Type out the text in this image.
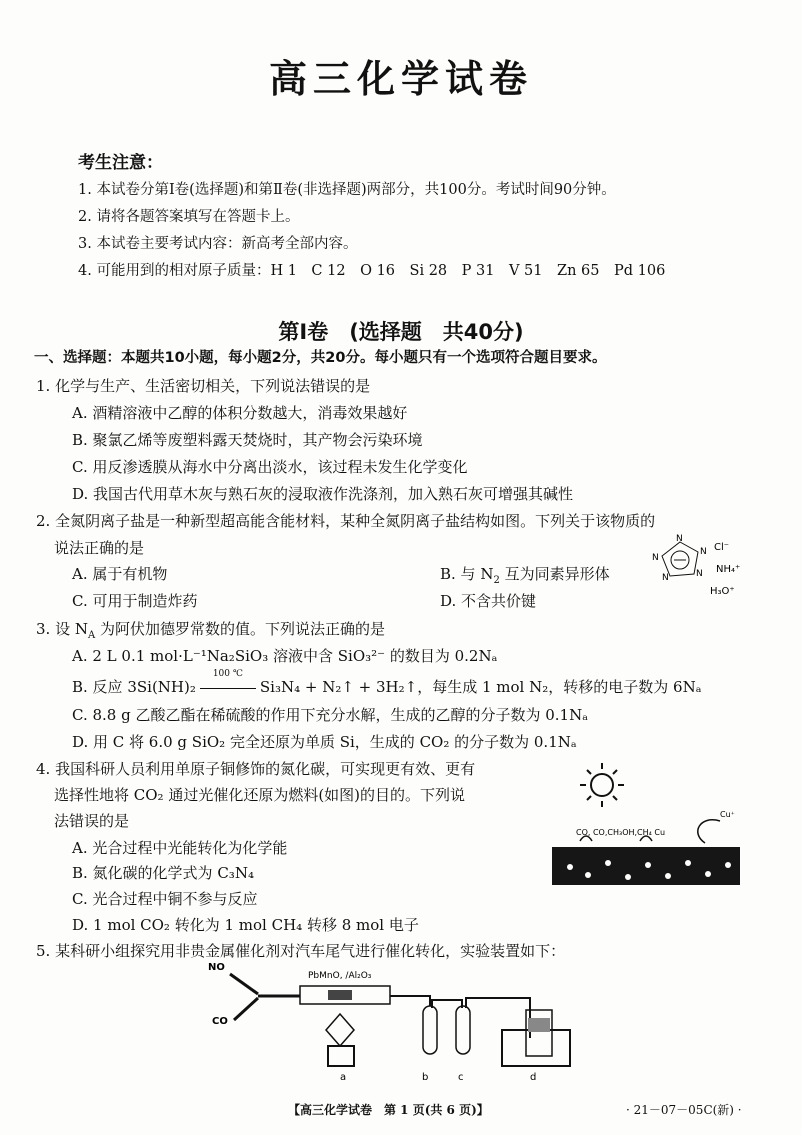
高三化学试卷
考生注意：
1. 本试卷分第Ⅰ卷(选择题)和第Ⅱ卷(非选择题)两部分，共100分。考试时间90分钟。
2. 请将各题答案填写在答题卡上。
3. 本试卷主要考试内容：新高考全部内容。
4. 可能用到的相对原子质量：H 1　C 12　O 16　Si 28　P 31　V 51　Zn 65　Pd 106
第Ⅰ卷　(选择题　共40分)
一、选择题：本题共10小题，每小题2分，共20分。每小题只有一个选项符合题目要求。
1. 化学与生产、生活密切相关，下列说法错误的是
A. 酒精溶液中乙醇的体积分数越大，消毒效果越好
B. 聚氯乙烯等废塑料露天焚烧时，其产物会污染环境
C. 用反渗透膜从海水中分离出淡水，该过程未发生化学变化
D. 我国古代用草木灰与熟石灰的浸取液作洗涤剂，加入熟石灰可增强其碱性
2. 全氮阴离子盐是一种新型超高能含能材料，某种全氮阴离子盐结构如图。下列关于该物质的
说法正确的是
A. 属于有机物	B. 与 $N_2$ 互为同素异形体
C. 可用于制造炸药	D. 不含共价键
N
N
N
N
N
Cl⁻
NH₄⁺
H₃O⁺
3. 设 $N_A$ 为阿伏加德罗常数的值。下列说法正确的是
A. 2 L 0.1 mol·L⁻¹Na₂SiO₃ 溶液中含 SiO₃²⁻ 的数目为 0.2Nₐ
B. 反应 3Si(NH)₂
100 ℃
Si₃N₄ + N₂↑ + 3H₂↑，每生成 1 mol N₂，转移的电子数为 6Nₐ
C. 8.8 g 乙酸乙酯在稀硫酸的作用下充分水解，生成的乙醇的分子数为 0.1Nₐ
D. 用 C 将 6.0 g SiO₂ 完全还原为单质 Si，生成的 CO₂ 的分子数为 0.1Nₐ
4. 我国科研人员利用单原子铜修饰的氮化碳，可实现更有效、更有
选择性地将 CO₂ 通过光催化还原为燃料(如图)的目的。下列说
法错误的是
A. 光合过程中光能转化为化学能
B. 氮化碳的化学式为 C₃N₄
C. 光合过程中铜不参与反应
D. 1 mol CO₂ 转化为 1 mol CH₄ 转移 8 mol 电子
CO, CO,CH₃OH,CH₄ Cu
Cu⁺
5. 某科研小组探究用非贵金属催化剂对汽车尾气进行催化转化，实验装置如下：
NO
CO
PbMnO, /Al₂O₃
a	b	c	d
【高三化学试卷　第 1 页(共 6 页)】	· 21－07－05C(新) ·
